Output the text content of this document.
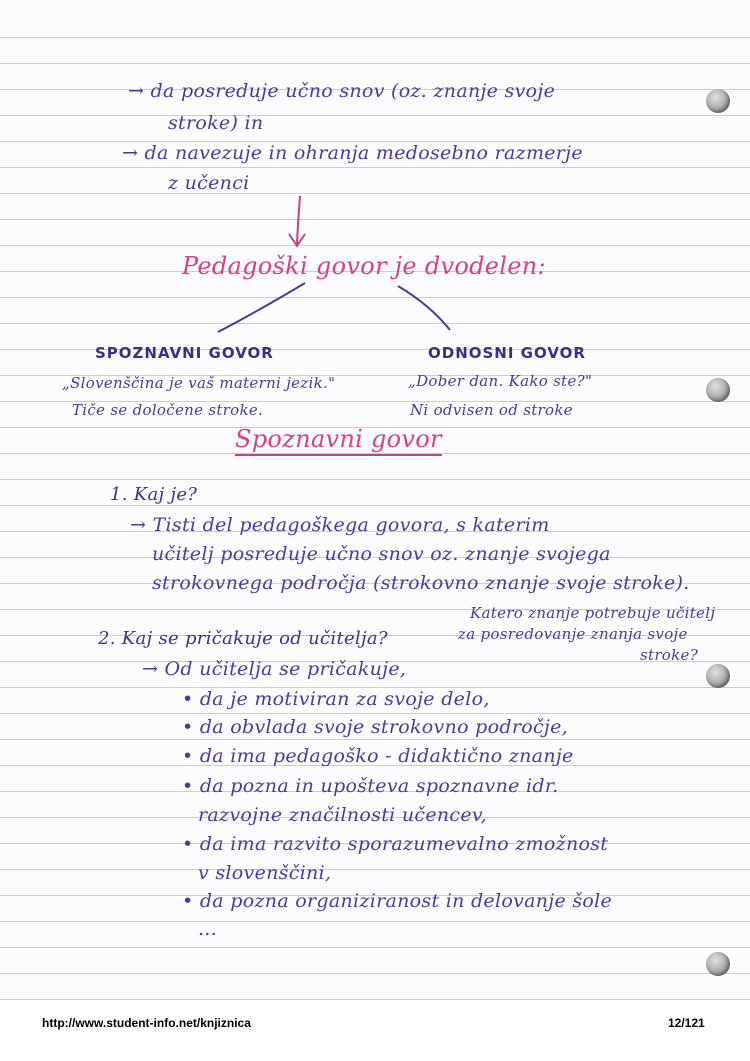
→ da posreduje učno snov (oz. znanje svoje
stroke) in
→ da navezuje in ohranja medosebno razmerje
z učenci
Pedagoški govor je dvodelen:
SPOZNAVNI GOVOR
„Slovenščina je vaš materni jezik."
Tiče se določene stroke.
ODNOSNI GOVOR
„Dober dan. Kako ste?"
Ni odvisen od stroke
Spoznavni govor
1. Kaj je?
→ Tisti del pedagoškega govora, s katerim
učitelj posreduje učno snov oz. znanje svojega
strokovnega področja (strokovno znanje svoje stroke).
2. Kaj se pričakuje od učitelja?
Katero znanje potrebuje učitelj
za posredovanje znanja svoje
stroke?
→ Od učitelja se pričakuje,
• da je motiviran za svoje delo,
• da obvlada svoje strokovno področje,
• da ima pedagoško - didaktično znanje
• da pozna in upošteva spoznavne idr.
razvojne značilnosti učencev,
• da ima razvito sporazumevalno zmožnost
v slovenščini,
• da pozna organiziranost in delovanje šole
...
http://www.student-info.net/knjiznica	12/121
